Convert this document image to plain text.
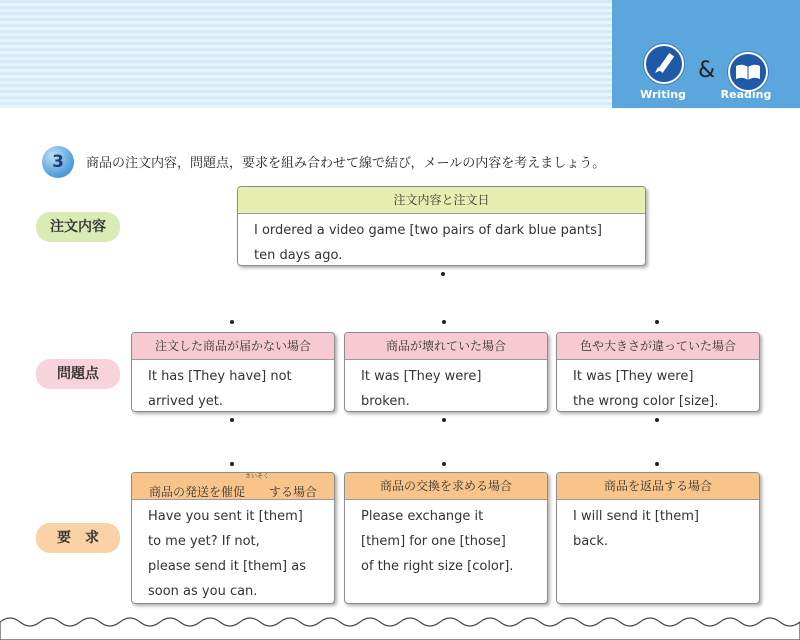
Writing
&
Reading
3	商品の注文内容，問題点，要求を組み合わせて線で結び，メールの内容を考えましょう。
注文内容
問題点
要　求
注文内容と注文日
I ordered a video game [two pairs of dark blue pants]
ten days ago.
注文した商品が届かない場合
It has [They have] not
arrived yet.
商品が壊れていた場合
It was [They were]
broken.
色や大きさが違っていた場合
It was [They were]
the wrong color [size].
商品の発送を催促さいそくする場合
Have you sent it [them]
to me yet? If not,
please send it [them] as
soon as you can.
商品の交換を求める場合
Please exchange it
[them] for one [those]
of the right size [color].
商品を返品する場合
I will send it [them]
back.
